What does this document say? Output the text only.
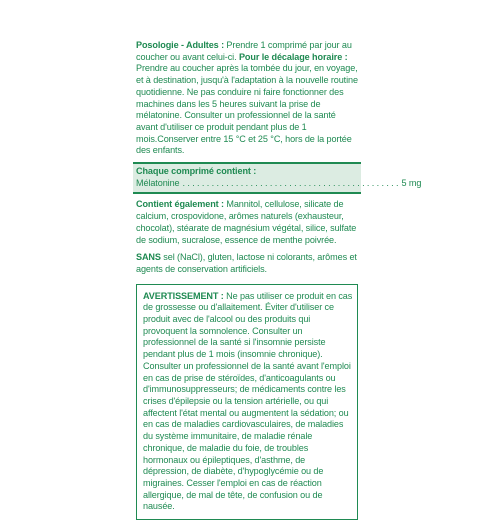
Posologie - Adultes : Prendre 1 comprimé par jour au coucher ou avant celui-ci. Pour le décalage horaire : Prendre au coucher après la tombée du jour, en voyage, et à destination, jusqu'à l'adaptation à la nouvelle routine quotidienne. Ne pas conduire ni faire fonctionner des machines dans les 5 heures suivant la prise de mélatonine. Consulter un professionnel de la santé avant d'utiliser ce produit pendant plus de 1 mois.Conserver entre 15 °C et 25 °C, hors de la portée des enfants.

Chaque comprimé contient :
Mélatonine . . . . . . . . . . . . . . . . . . . . . . . . . . . . . . . . . . . . . . . . . . . . . 5 mg

Contient également : Mannitol, cellulose, silicate de calcium, crospovidone, arômes naturels (exhausteur, chocolat), stéarate de magnésium végétal, silice, sulfate de sodium, sucralose, essence de menthe poivrée.

SANS sel (NaCl), gluten, lactose ni colorants, arômes et agents de conservation artificiels.

AVERTISSEMENT : Ne pas utiliser ce produit en cas de grossesse ou d'allaitement. Éviter d'utiliser ce produit avec de l'alcool ou des produits qui provoquent la somnolence. Consulter un professionnel de la santé si l'insomnie persiste pendant plus de 1 mois (insomnie chronique). Consulter un professionnel de la santé avant l'emploi en cas de prise de stéroïdes, d'anticoagulants ou d'immunosuppresseurs; de médicaments contre les crises d'épilepsie ou la tension artérielle, ou qui affectent l'état mental ou augmentent la sédation; ou en cas de maladies cardiovasculaires, de maladies du système immunitaire, de maladie rénale chronique, de maladie du foie, de troubles hormonaux ou épileptiques, d'asthme, de dépression, de diabète, d'hypoglycémie ou de migraines. Cesser l'emploi en cas de réaction allergique, de mal de tête, de confusion ou de nausée.
